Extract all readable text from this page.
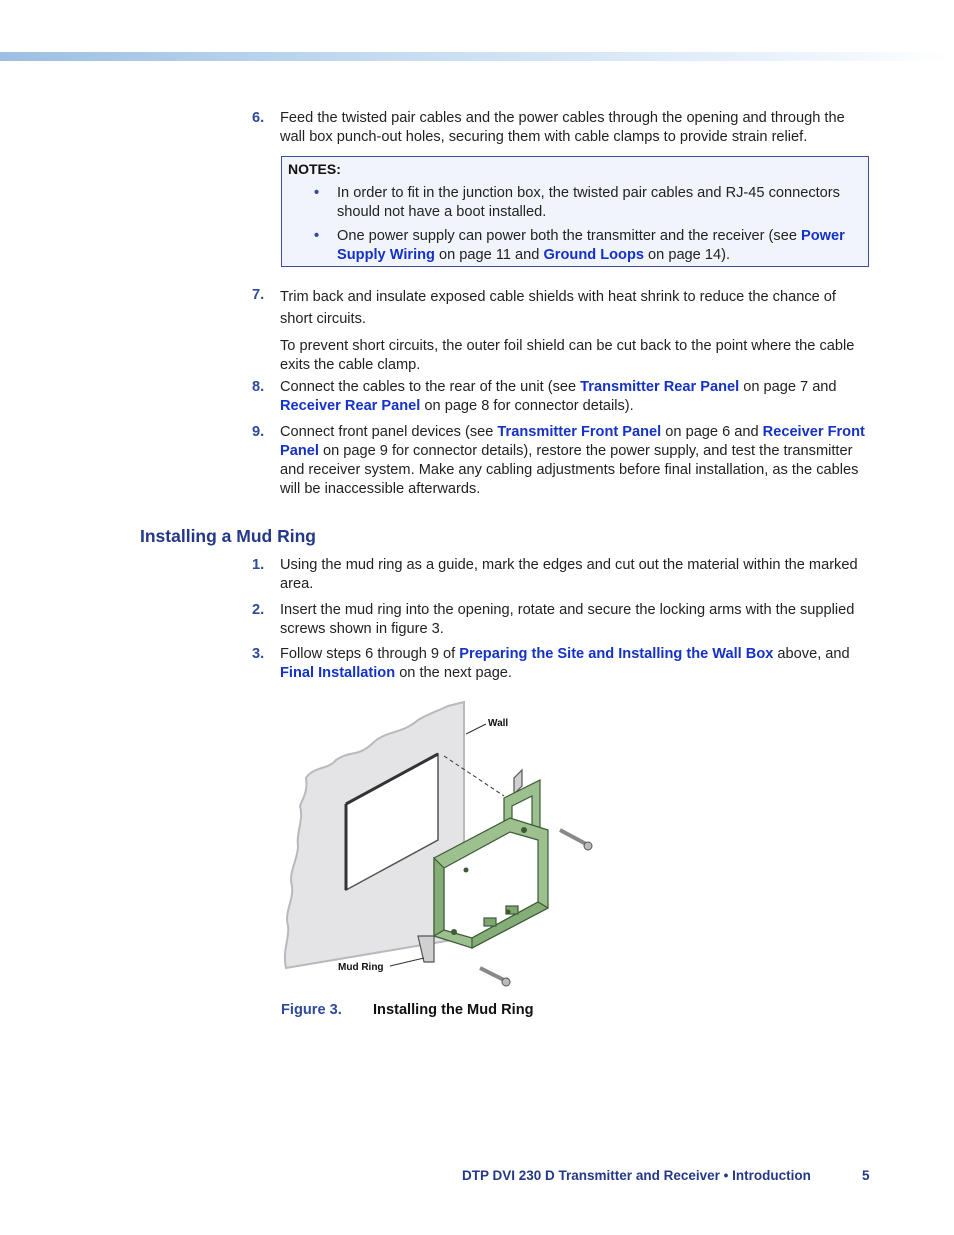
6.	Feed the twisted pair cables and the power cables through the opening and through the wall box punch-out holes, securing them with cable clamps to provide strain relief.

NOTES:
• In order to fit in the junction box, the twisted pair cables and RJ-45 connectors should not have a boot installed.
• One power supply can power both the transmitter and the receiver (see Power Supply Wiring on page 11 and Ground Loops on page 14).
7.	Trim back and insulate exposed cable shields with heat shrink to reduce the chance of short circuits.

To prevent short circuits, the outer foil shield can be cut back to the point where the cable exits the cable clamp.

8.	Connect the cables to the rear of the unit (see Transmitter Rear Panel on page 7 and Receiver Rear Panel on page 8 for connector details).

9.	Connect front panel devices (see Transmitter Front Panel on page 6 and Receiver Front Panel on page 9 for connector details), restore the power supply, and test the transmitter and receiver system. Make any cabling adjustments before final installation, as the cables will be inaccessible afterwards.

Installing a Mud Ring
1.	Using the mud ring as a guide, mark the edges and cut out the material within the marked area.

2.	Insert the mud ring into the opening, rotate and secure the locking arms with the supplied screws shown in figure 3.

3.	Follow steps 6 through 9 of Preparing the Site and Installing the Wall Box above, and Final Installation on the next page.

Wall
Mud Ring
Figure 3. Installing the Mud Ring
DTP DVI 230 D Transmitter and Receiver • Introduction	5
